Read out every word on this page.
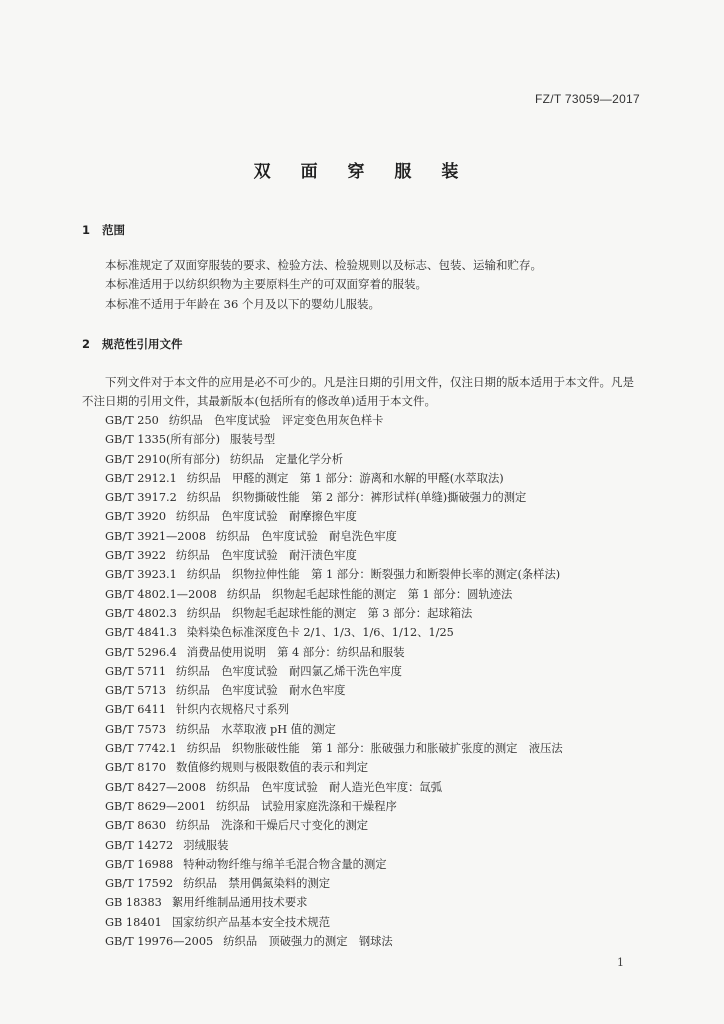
FZ/T 73059—2017
双 面 穿 服 装
1 范围

本标准规定了双面穿服装的要求、检验方法、检验规则以及标志、包装、运输和贮存。

本标准适用于以纺织织物为主要原料生产的可双面穿着的服装。

本标准不适用于年龄在 36 个月及以下的婴幼儿服装。

2 规范性引用文件

下列文件对于本文件的应用是必不可少的。凡是注日期的引用文件，仅注日期的版本适用于本文件。凡是不注日期的引用文件，其最新版本(包括所有的修改单)适用于本文件。

GB/T 250 纺织品　色牢度试验　评定变色用灰色样卡
GB/T 1335(所有部分) 服装号型
GB/T 2910(所有部分) 纺织品　定量化学分析
GB/T 2912.1 纺织品　甲醛的测定　第 1 部分：游离和水解的甲醛(水萃取法)
GB/T 3917.2 纺织品　织物撕破性能　第 2 部分：裤形试样(单缝)撕破强力的测定
GB/T 3920 纺织品　色牢度试验　耐摩擦色牢度
GB/T 3921—2008 纺织品　色牢度试验　耐皂洗色牢度
GB/T 3922 纺织品　色牢度试验　耐汗渍色牢度
GB/T 3923.1 纺织品　织物拉伸性能　第 1 部分：断裂强力和断裂伸长率的测定(条样法)
GB/T 4802.1—2008 纺织品　织物起毛起球性能的测定　第 1 部分：圆轨迹法
GB/T 4802.3 纺织品　织物起毛起球性能的测定　第 3 部分：起球箱法
GB/T 4841.3 染料染色标准深度色卡 2/1、1/3、1/6、1/12、1/25
GB/T 5296.4 消费品使用说明　第 4 部分：纺织品和服装
GB/T 5711 纺织品　色牢度试验　耐四氯乙烯干洗色牢度
GB/T 5713 纺织品　色牢度试验　耐水色牢度
GB/T 6411 针织内衣规格尺寸系列
GB/T 7573 纺织品　水萃取液 pH 值的测定
GB/T 7742.1 纺织品　织物胀破性能　第 1 部分：胀破强力和胀破扩张度的测定　液压法
GB/T 8170 数值修约规则与极限数值的表示和判定
GB/T 8427—2008 纺织品　色牢度试验　耐人造光色牢度：氙弧
GB/T 8629—2001 纺织品　试验用家庭洗涤和干燥程序
GB/T 8630 纺织品　洗涤和干燥后尺寸变化的测定
GB/T 14272 羽绒服装
GB/T 16988 特种动物纤维与绵羊毛混合物含量的测定
GB/T 17592 纺织品　禁用偶氮染料的测定
GB 18383 絮用纤维制品通用技术要求
GB 18401 国家纺织产品基本安全技术规范
GB/T 19976—2005 纺织品　顶破强力的测定　钢球法
1
